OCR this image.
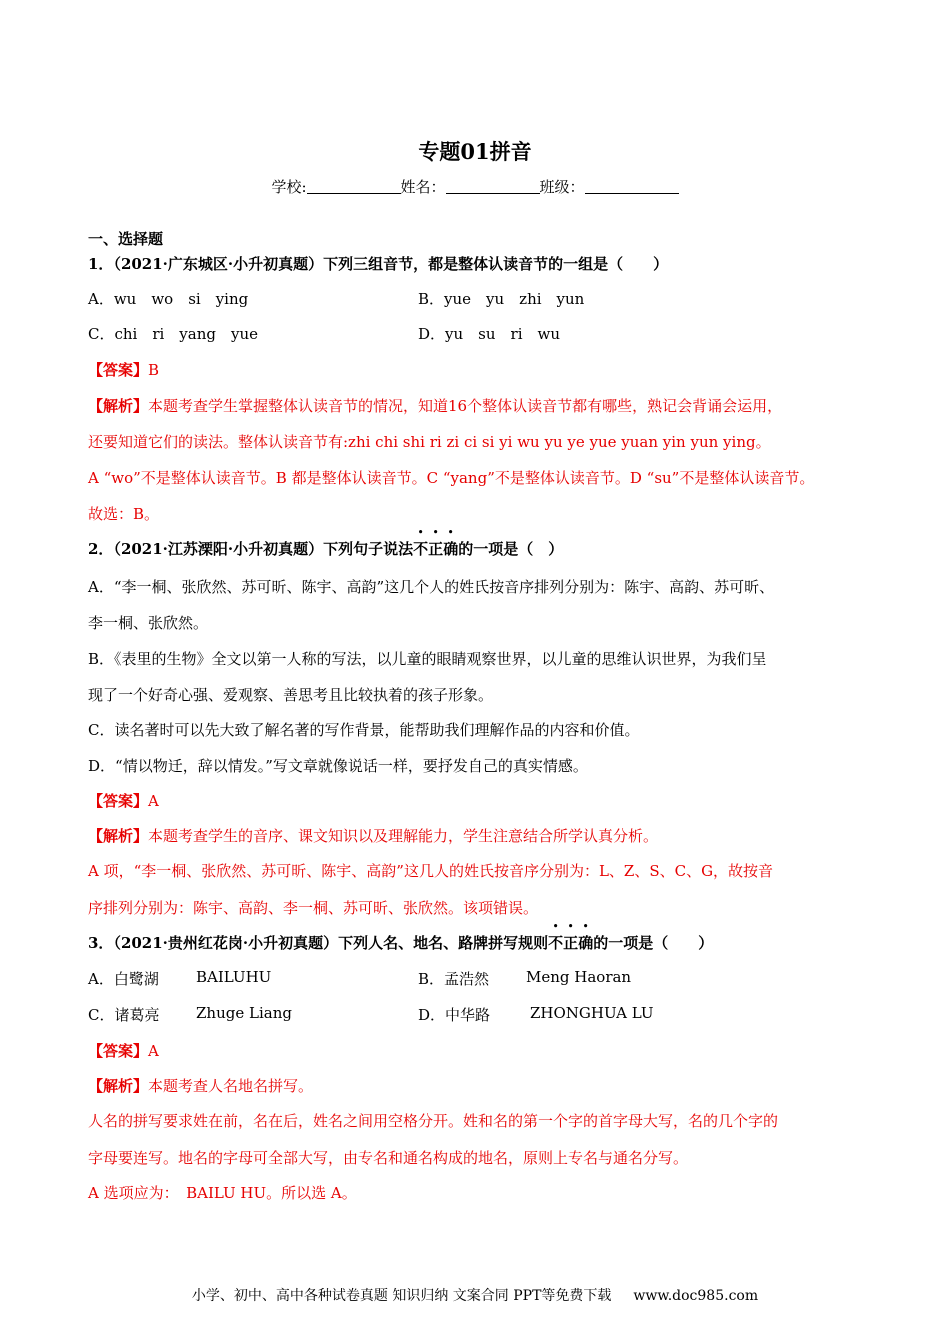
专题01拼音
学校:	姓名：	班级：
一、选择题
1．（2021·广东城区·小升初真题）下列三组音节，都是整体认读音节的一组是（　　）
A．wu　wo　si　ying	B．yue　yu　zhi　yun
C．chi　ri　yang　yue	D．yu　su　ri　wu
【答案】B
【解析】本题考查学生掌握整体认读音节的情况，知道16个整体认读音节都有哪些，熟记会背诵会运用，
还要知道它们的读法。整体认读音节有:zhi chi shi ri zi ci si yi wu yu ye yue yuan yin yun ying。
A “wo”不是整体认读音节。B 都是整体认读音节。C “yang”不是整体认读音节。D “su”不是整体认读音节。
故选：B。
2．（2021·江苏溧阳·小升初真题）下列句子说法不正确的一项是（　）
A．“李一桐、张欣然、苏可昕、陈宇、高韵”这几个人的姓氏按音序排列分别为：陈宇、高韵、苏可昕、
李一桐、张欣然。
B．《表里的生物》全文以第一人称的写法，以儿童的眼睛观察世界，以儿童的思维认识世界，为我们呈
现了一个好奇心强、爱观察、善思考且比较执着的孩子形象。
C．读名著时可以先大致了解名著的写作背景，能帮助我们理解作品的内容和价值。
D．“情以物迁，辞以情发。”写文章就像说话一样，要抒发自己的真实情感。
【答案】A
【解析】本题考查学生的音序、课文知识以及理解能力，学生注意结合所学认真分析。
A 项，“李一桐、张欣然、苏可昕、陈宇、高韵”这几人的姓氏按音序分别为：L、Z、S、C、G，故按音
序排列分别为：陈宇、高韵、李一桐、苏可昕、张欣然。该项错误。
3．（2021·贵州红花岗·小升初真题）下列人名、地名、路牌拼写规则不正确的一项是（　　）
A．白鹭湖 BAILUHU	B．孟浩然 Meng Haoran
C．诸葛亮 Zhuge Liang	D．中华路	ZHONGHUA LU
【答案】A
【解析】本题考查人名地名拼写。
人名的拼写要求姓在前，名在后，姓名之间用空格分开。姓和名的第一个字的首字母大写，名的几个字的
字母要连写。地名的字母可全部大写，由专名和通名构成的地名，原则上专名与通名分写。
A 选项应为：　BAILU HU。所以选 A。
小学、初中、高中各种试卷真题 知识归纳 文案合同 PPT等免费下载 www.doc985.com
